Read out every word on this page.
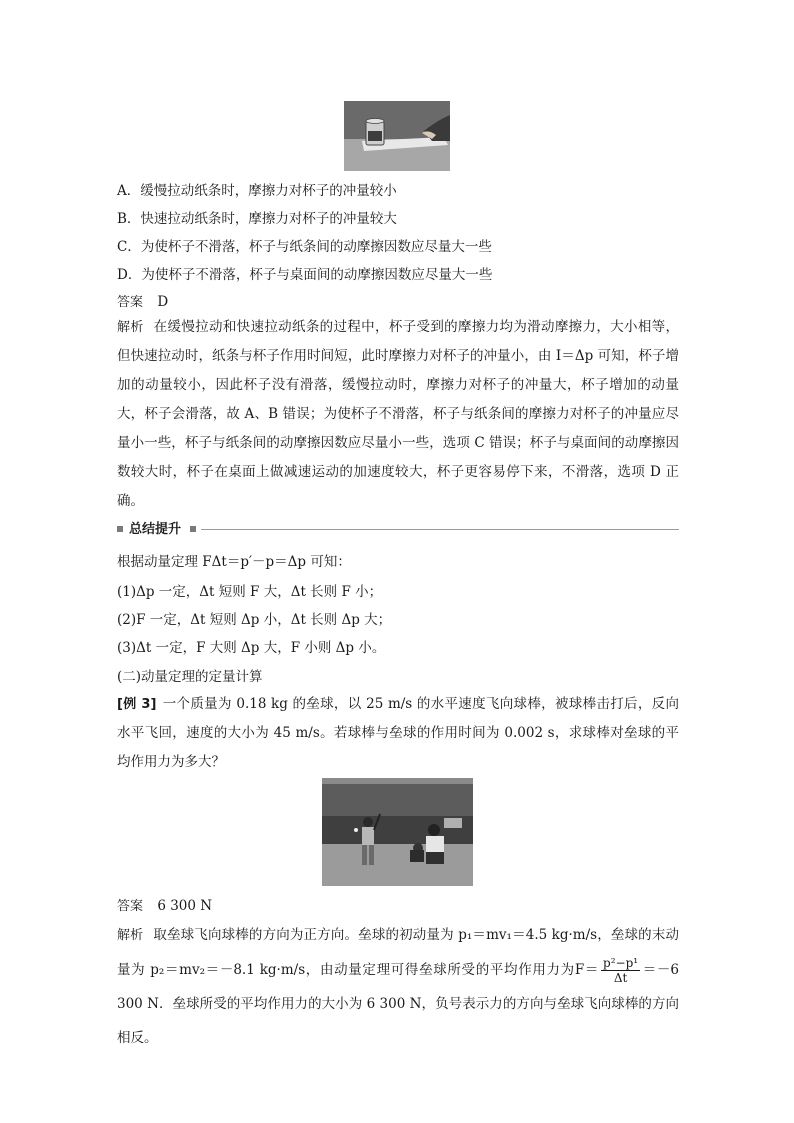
A．缓慢拉动纸条时，摩擦力对杯子的冲量较小
B．快速拉动纸条时，摩擦力对杯子的冲量较大
C．为使杯子不滑落，杯子与纸条间的动摩擦因数应尽量大一些
D．为使杯子不滑落，杯子与桌面间的动摩擦因数应尽量大一些
答案 D
解析 在缓慢拉动和快速拉动纸条的过程中，杯子受到的摩擦力均为滑动摩擦力，大小相等，但快速拉动时，纸条与杯子作用时间短，此时摩擦力对杯子的冲量小，由 I＝Δp 可知，杯子增加的动量较小，因此杯子没有滑落，缓慢拉动时，摩擦力对杯子的冲量大，杯子增加的动量大，杯子会滑落，故 A、B 错误；为使杯子不滑落，杯子与纸条间的摩擦力对杯子的冲量应尽量小一些，杯子与纸条间的动摩擦因数应尽量小一些，选项 C 错误；杯子与桌面间的动摩擦因数较大时，杯子在桌面上做减速运动的加速度较大，杯子更容易停下来，不滑落，选项 D 正确。
总结提升
根据动量定理 FΔt＝p′－p＝Δp 可知：
(1)Δp 一定，Δt 短则 F 大，Δt 长则 F 小；
(2)F 一定，Δt 短则 Δp 小，Δt 长则 Δp 大；
(3)Δt 一定，F 大则 Δp 大，F 小则 Δp 小。
(二)动量定理的定量计算
[例 3] 一个质量为 0.18 kg 的垒球，以 25 m/s 的水平速度飞向球棒，被球棒击打后，反向水平飞回，速度的大小为 45 m/s。若球棒与垒球的作用时间为 0.002 s，求球棒对垒球的平均作用力为多大？
答案 6 300 N
解析 取垒球飞向球棒的方向为正方向。垒球的初动量为 p₁＝mv₁＝4.5 kg·m/s，垒球的末动量为 p₂＝mv₂＝－8.1 kg·m/s，由动量定理可得垒球所受的平均作用力为$F= \frac{\text{p²−p¹}}{\Delta t} =-6$ 300 N．垒球所受的平均作用力的大小为 6 300 N，负号表示力的方向与垒球飞向球棒的方向相反。
